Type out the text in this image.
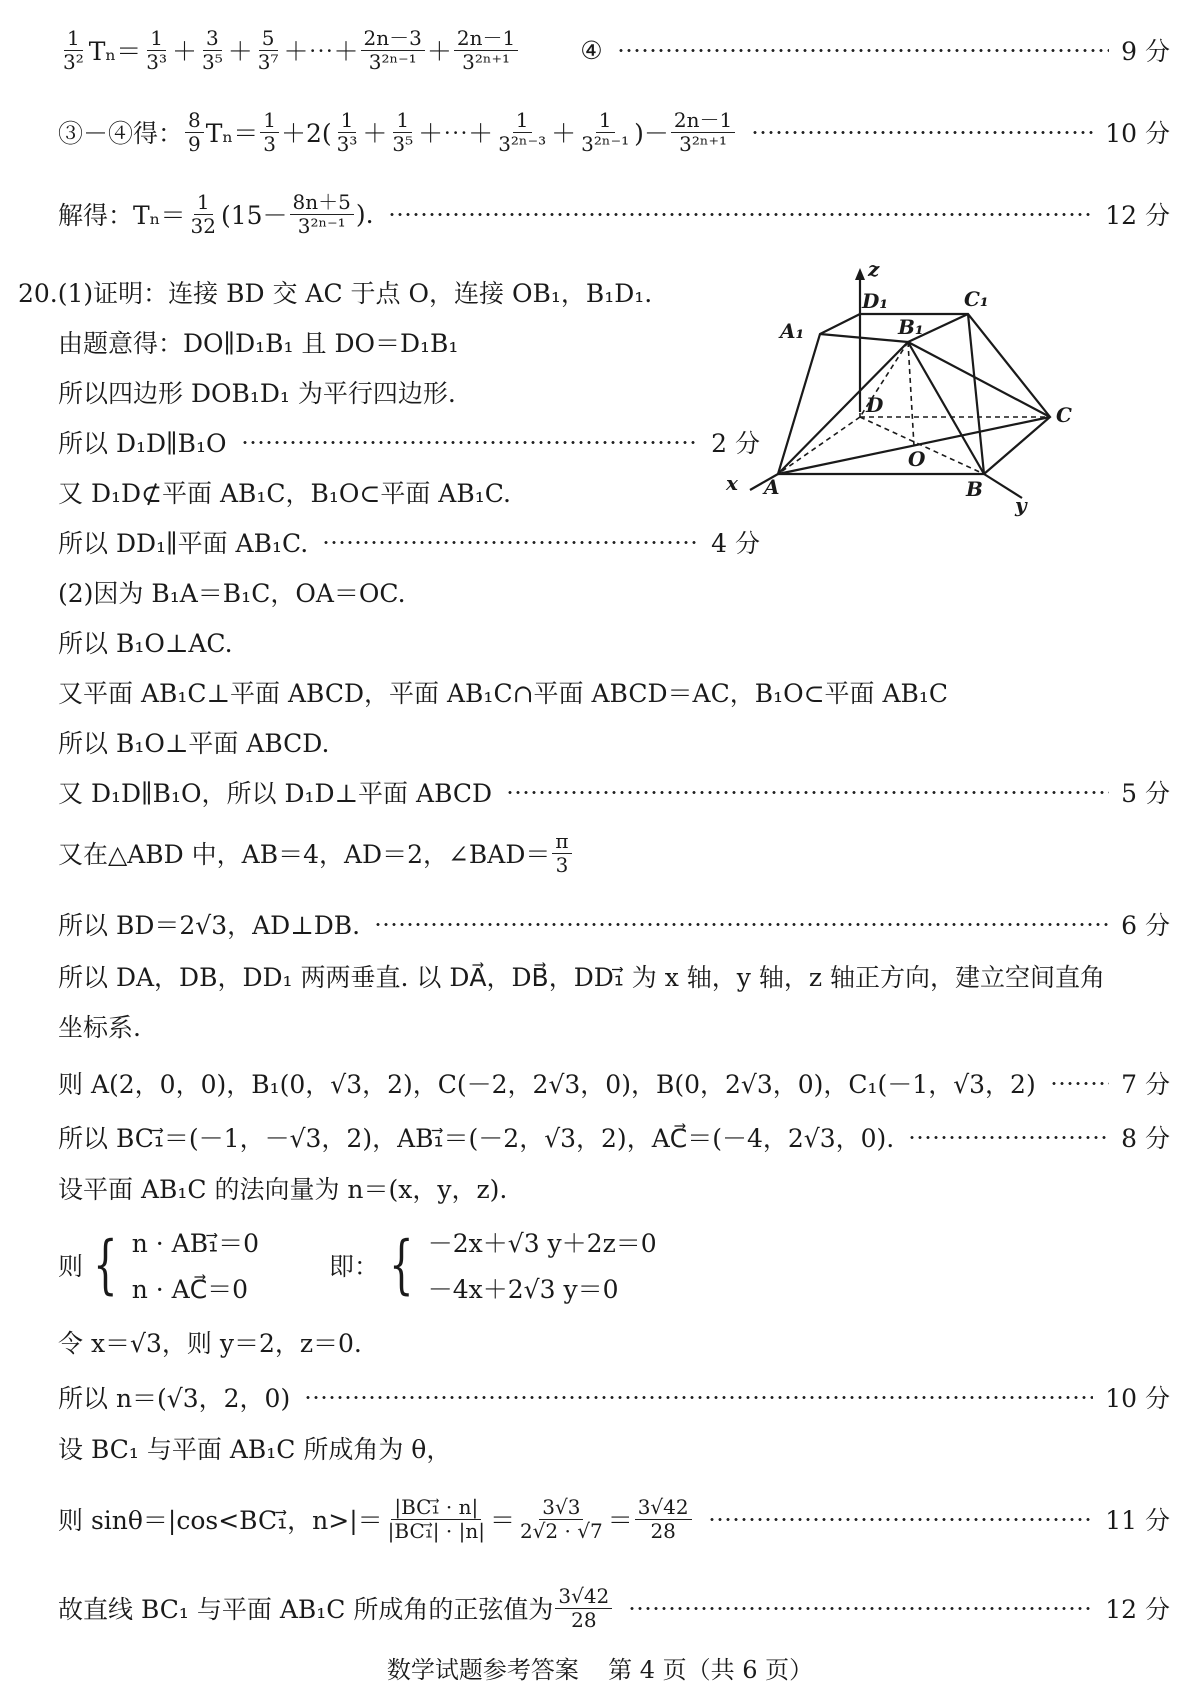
$\frac{1}{\text{3²}} T_n= \frac{1}{\text{3³}} + \frac{3}{\text{3⁵}} + \frac{5}{\text{3⁷}}$ ＋⋯＋ $\frac{2n-3}{\text{3²ⁿ⁻¹}} + \frac{2n-1}{\text{3²ⁿ⁺¹}}$ ④	9 分
③－④得： $\frac{8}{9} T_n= \frac{1}{3} +2( \frac{1}{\text{3³}} + \frac{1}{\text{3⁵}}$ ＋⋯＋ $\frac{1}{\text{3²ⁿ⁻³}} + \frac{1}{\text{3²ⁿ⁻¹}}$ )－ $\frac{2n-1}{\text{3²ⁿ⁺¹}}$	10 分
解得：$T_n= \frac{1}{32} (15- \frac{8n+5}{\text{3²ⁿ⁻¹}}$ ).	12 分
20.(1)证明：连接 BD 交 AC 于点 O，连接 OB₁，B₁D₁.
由题意得：DO∥D₁B₁ 且 DO＝D₁B₁
所以四边形 DOB₁D₁ 为平行四边形.
所以 D₁D∥B₁O	2 分
又 D₁D⊄平面 AB₁C，B₁O⊂平面 AB₁C.
所以 DD₁∥平面 AB₁C.	4 分
(2)因为 B₁A＝B₁C，OA＝OC.
所以 B₁O⊥AC.
又平面 AB₁C⊥平面 ABCD，平面 AB₁C∩平面 ABCD＝AC，B₁O⊂平面 AB₁C
所以 B₁O⊥平面 ABCD.
又 D₁D∥B₁O，所以 D₁D⊥平面 ABCD	5 分
又在△ABD 中，AB＝4，AD＝2，∠BAD＝ $\frac{\pi}{3}$
所以 BD＝2√3，AD⊥DB.	6 分
所以 DA，DB，DD₁ 两两垂直. 以 DA⃗，DB⃗，DD₁⃗ 为 x 轴，y 轴，z 轴正方向，建立空间直角
坐标系.
则 A(2，0，0)，B₁(0，√3，2)，C(－2，2√3，0)，B(0，2√3，0)，C₁(－1，√3，2)	7 分
所以 BC₁⃗＝(－1，－√3，2)，AB₁⃗＝(－2，√3，2)，AC⃗＝(－4，2√3，0).	8 分
设平面 AB₁C 的法向量为 n＝(x，y，z).
则 { n · AB₁⃗＝0
n · AC⃗＝0
即： { －2x＋√3 y＋2z＝0
－4x＋2√3 y＝0
令 x＝√3，则 y＝2，z＝0.
所以 n＝(√3，2，0)	10 分
设 BC₁ 与平面 AB₁C 所成角为 θ，
则 sinθ＝|cos<BC₁⃗，$n>|= \frac{\text{|BC₁⃗ · n|}}{\text{|BC₁⃗| · |n|}} = \frac{3√3}{2√2 \cdot √7} = \frac{3√42}{28}$	11 分
故直线 BC₁ 与平面 AB₁C 所成角的正弦值为 $\frac{3√42}{28}$	12 分
z
D₁	C₁
A₁	B₁
D	C
O
A	B
x
y
数学试题参考答案 第 4 页（共 6 页）
